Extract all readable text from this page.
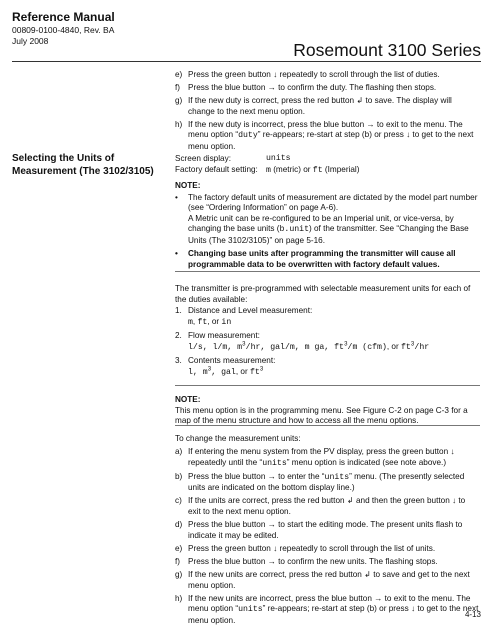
Reference Manual

00809-0100-4840, Rev. BA
July 2008	Rosemount 3100 Series
e) Press the green button ↓ repeatedly to scroll through the list of duties.
f) Press the blue button → to confirm the duty. The flashing then stops.
g) If the new duty is correct, press the red button ↲ to save. The display will change to the next menu option.
h) If the new duty is incorrect, press the blue button → to exit to the menu. The menu option “duty” re-appears; re-start at step (b) or press ↓ to get to the next menu option.

Selecting the Units of Measurement (The 3102/3105)

Screen display:	units
Factory default setting: m (metric) or ft (Imperial)

NOTE:

• The factory default units of measurement are dictated by the model part number (see “Ordering Information” on page A-6).
A Metric unit can be re-configured to be an Imperial unit, or vice-versa, by changing the base units (b.unit) of the transmitter. See “Changing the Base Units (The 3102/3105)” on page 5-16.
• Changing base units after programming the transmitter will cause all programmable data to be overwritten with factory default values.
The transmitter is pre-programmed with selectable measurement units for each of the duties available:
1. Distance and Level measurement:
m, ft, or in
2. Flow measurement:
l/s, l/m, $m^3/hr$, gal/m, m ga, $ft^3/m$ (cfm), or $ft^3/hr$
3. Contents measurement:
l, $m^3$, gal, or $ft^3$

NOTE:

This menu option is in the programming menu. See Figure C-2 on page C-3 for a map of the menu structure and how to access all the menu options.
To change the measurement units:
a) If entering the menu system from the PV display, press the green button ↓ repeatedly until the “units” menu option is indicated (see note above.)
b) Press the blue button → to enter the “units” menu. (The presently selected units are indicated on the bottom display line.)
c) If the units are correct, press the red button ↲ and then the green button ↓ to exit to the next menu option.
d) Press the blue button → to start the editing mode. The present units flash to indicate it may be edited.
e) Press the green button ↓ repeatedly to scroll through the list of units.
f) Press the blue button → to confirm the new units. The flashing stops.
g) If the new units are correct, press the red button ↲ to save and get to the next menu option.
h) If the new units are incorrect, press the blue button → to exit to the menu. The menu option “units” re-appears; re-start at step (b) or press ↓ to get to the next menu option.
4-13
